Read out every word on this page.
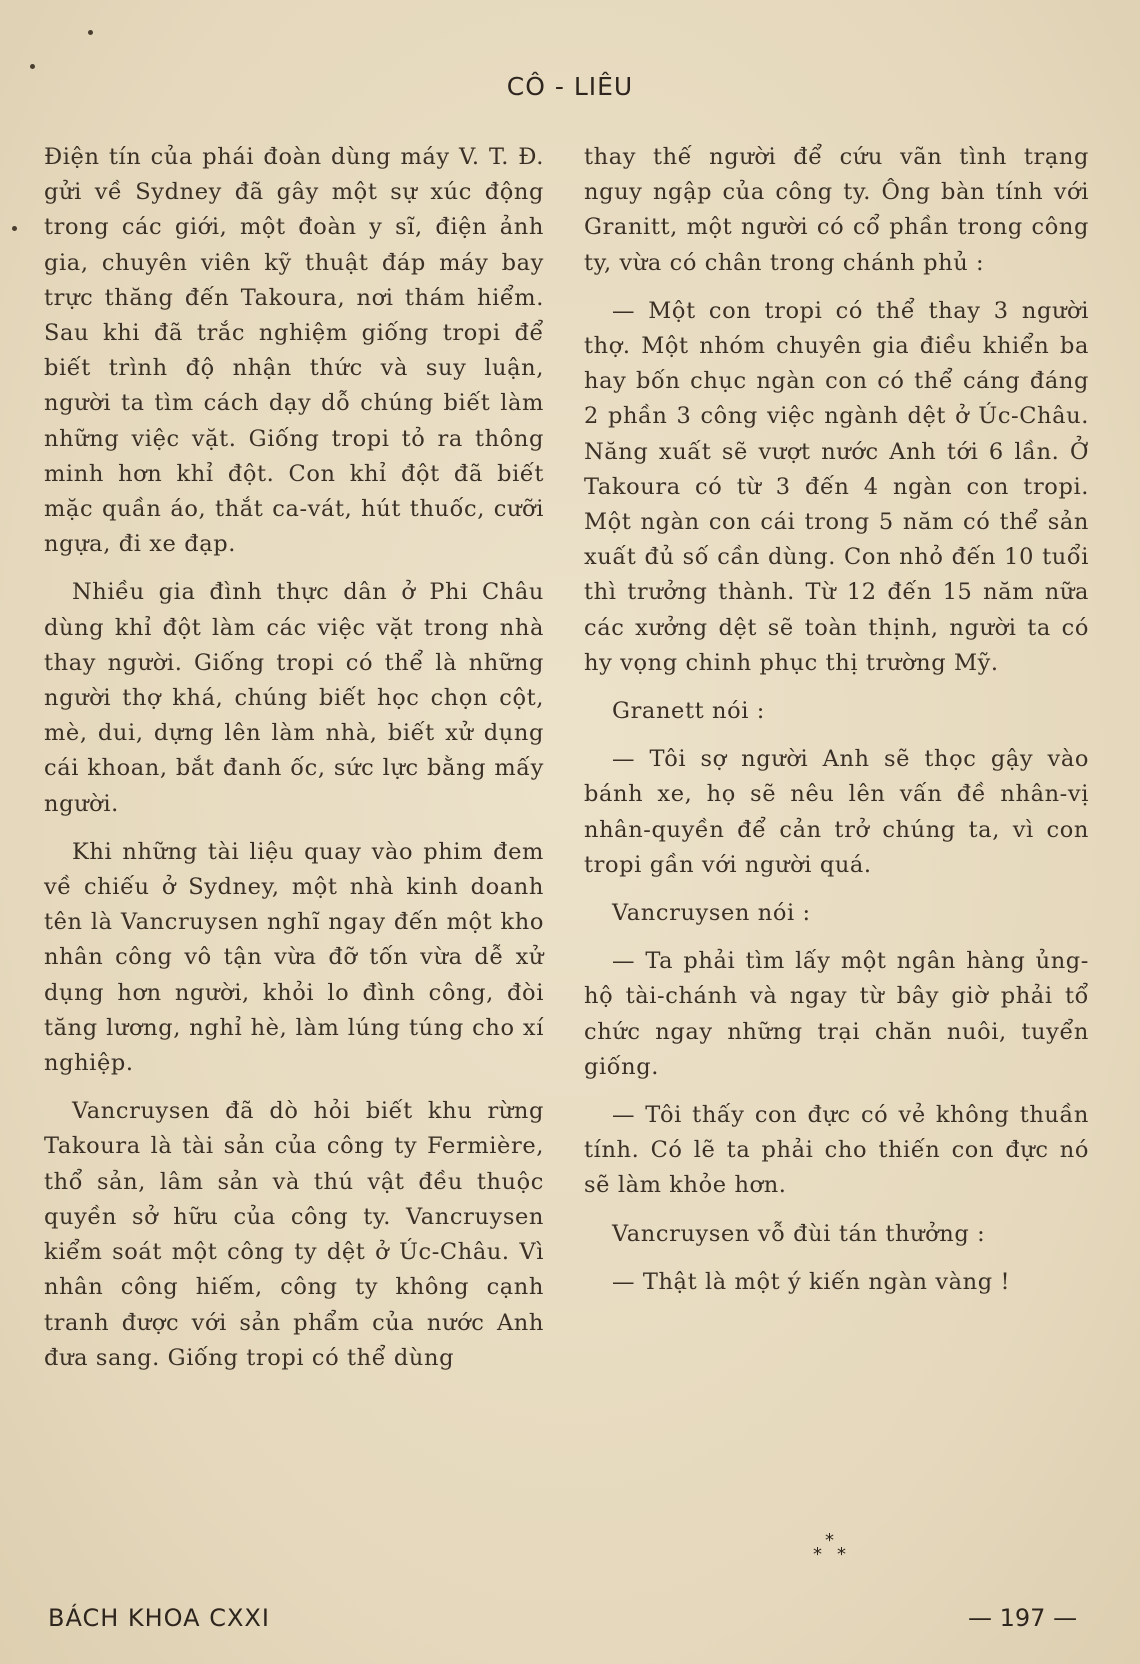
CÔ - LIÊU

Điện tín của phái đoàn dùng máy V. T. Đ. gửi về Sydney đã gây một sự xúc động trong các giới, một đoàn y sĩ, điện ảnh gia, chuyên viên kỹ thuật đáp máy bay trực thăng đến Takoura, nơi thám hiểm. Sau khi đã trắc nghiệm giống tropi để biết trình độ nhận thức và suy luận, người ta tìm cách dạy dỗ chúng biết làm những việc vặt. Giống tropi tỏ ra thông minh hơn khỉ đột. Con khỉ đột đã biết mặc quần áo, thắt ca-vát, hút thuốc, cưỡi ngựa, đi xe đạp.

Nhiều gia đình thực dân ở Phi Châu dùng khỉ đột làm các việc vặt trong nhà thay người. Giống tropi có thể là những người thợ khá, chúng biết học chọn cột, mè, dui, dựng lên làm nhà, biết xử dụng cái khoan, bắt đanh ốc, sức lực bằng mấy người.

Khi những tài liệu quay vào phim đem về chiếu ở Sydney, một nhà kinh doanh tên là Vancruysen nghĩ ngay đến một kho nhân công vô tận vừa đỡ tốn vừa dễ xử dụng hơn người, khỏi lo đình công, đòi tăng lương, nghỉ hè, làm lúng túng cho xí nghiệp.

Vancruysen đã dò hỏi biết khu rừng Takoura là tài sản của công ty Fermière, thổ sản, lâm sản và thú vật đều thuộc quyền sở hữu của công ty. Vancruysen kiểm soát một công ty dệt ở Úc-Châu. Vì nhân công hiếm, công ty không cạnh tranh được với sản phẩm của nước Anh đưa sang. Giống tropi có thể dùng

thay thế người để cứu vãn tình trạng nguy ngập của công ty. Ông bàn tính với Granitt, một người có cổ phần trong công ty, vừa có chân trong chánh phủ :

— Một con tropi có thể thay 3 người thợ. Một nhóm chuyên gia điều khiển ba hay bốn chục ngàn con có thể cáng đáng 2 phần 3 công việc ngành dệt ở Úc-Châu. Năng xuất sẽ vượt nước Anh tới 6 lần. Ở Takoura có từ 3 đến 4 ngàn con tropi. Một ngàn con cái trong 5 năm có thể sản xuất đủ số cần dùng. Con nhỏ đến 10 tuổi thì trưởng thành. Từ 12 đến 15 năm nữa các xưởng dệt sẽ toàn thịnh, người ta có hy vọng chinh phục thị trường Mỹ.

Granett nói :

— Tôi sợ người Anh sẽ thọc gậy vào bánh xe, họ sẽ nêu lên vấn đề nhân-vị nhân-quyền để cản trở chúng ta, vì con tropi gần với người quá.

Vancruysen nói :

— Ta phải tìm lấy một ngân hàng ủng-hộ tài-chánh và ngay từ bây giờ phải tổ chức ngay những trại chăn nuôi, tuyển giống.

— Tôi thấy con đực có vẻ không thuần tính. Có lẽ ta phải cho thiến con đực nó sẽ làm khỏe hơn.

Vancruysen vỗ đùi tán thưởng :

— Thật là một ý kiến ngàn vàng !

*
* *
BÁCH KHOA CXXI	— 197 —
